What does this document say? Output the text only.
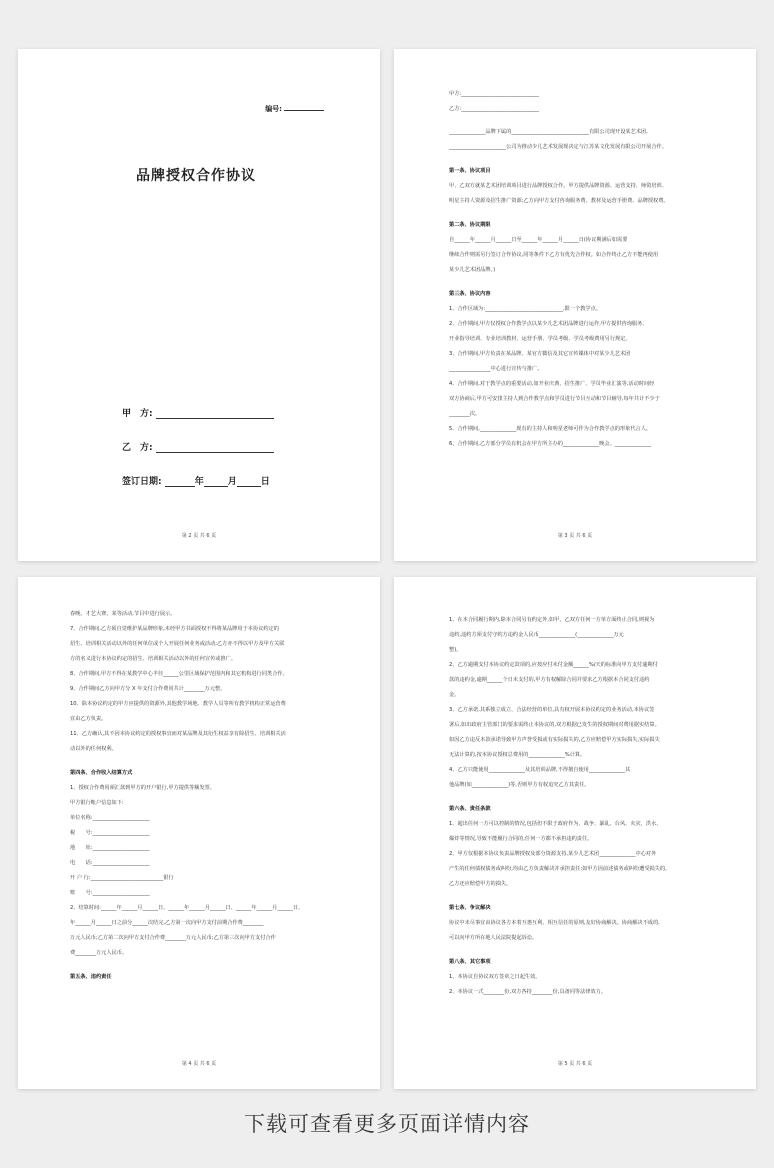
编号:
品牌授权合作协议
甲　方:
乙　方:
签订日期:	年	月	日
第 2 页 共 6 页

甲方:______________________________

乙方:______________________________

______________品牌下属的______________________________有限公司现开设某艺术团,

______________________公司为推动少儿艺术发展现决定与江苏某文化发展有限公司开展合作。

第一条、协议项目

甲、乙双方就某艺术团培训项目进行品牌授权合作。甲方提供品牌资源、运营支持、师资培训、

明星主持人资源及招生推广资源;乙方向甲方支付咨询服务费、教材及运营手册费、品牌授权费。

第二条、协议期限

自______年______月______日至______年______月______日(协议期满后如需要

继续合作则需另行签订合作协议,同等条件下乙方有优先合作权。如合作终止乙方不能再使用

某少儿艺术团品牌。)

第三条、协议内容

1、合作区域为:______________________________,限一个教学点。

2、合作期间,甲方仅授权合作教学点以某少儿艺术团品牌进行运作,甲方提供咨询服务、

开业指导培训、专业培训教材、运营手册、学员考级、学员考级费用另行规定。

3、合作期间,甲方负责在某品牌、某官方微信及其它宣传媒体中对某少儿艺术团

________________中心进行宣传与推广。

4、合作期间,对于教学点的重要活动,如开业庆典、招生推广、学员毕业汇演等,活动时间经

双方协商后,甲方可安排主持人到合作教学点和学员进行节目互动和节目辅导,每年共计不少于

________次。

5、合作期间,______________现有的主持人和明星老师可作为合作教学点的形象代言人。

6、合作期间,乙方部分学员有机会在甲方所主办的______________晚会。______________

第 3 页 共 6 页

春晚、才艺大赛、某等活动,节目中进行展示。

7、合作期间,乙方须自觉维护某品牌形象,未经甲方书面授权不得将某品牌用于本协议约定的

招生、培训相关活动以外的任何单位或个人开展任何业务或活动;乙方亦不得以甲方及甲方关联

方的名义进行本协议约定的招生、培训相关活动以外的任何宣传或推广。

8、合作期间,甲方不得在某教学中心半径______公里区域保护范围内和其它机构进行同类合作。

9、合作期间乙方向甲方分 X 年支付合作费用共计________万元整。

10、除本协议约定的甲方应提供的资源外,其他教学场地、教学人员等所有教学机构正常运营费

宜由乙方负责。

11、乙方确认,其不因本协议约定的授权事宜而对某品牌及其衍生权益享有除招生、培训相关活

动以外的任何权利。

第四条、合作收入结算方式

1、授权合作费用须汇款到甲方的开户银行,甲方提供等额发票。

甲方银行帐户信息如下:

单位名称:______________________

税　　号:______________________

地　　址:______________________

电　　话:______________________

开 户 行:____________________________银行

账　　号:______________________

2、结算时间:______年______月______日、______年______月______日、______年______月______日、

年______月______日之前分______次结完,乙方第一次向甲方支付前期合作费________

万元人民币;乙方第二次向甲方支付合作费________万元人民币;乙方第三次向甲方支付合作

费________万元人民币。

第五条、违约责任

第 4 页 共 6 页

1、在本合同履行期内,除本合同另有约定外,如甲、乙双方任何一方单方面终止合同,则视为

违约,违约方须支付守约方违约金人民币______________(______________万元

整)。

2、乙方逾期支付本协议约定款项的,应按应付未付金额______%/天的标准向甲方支付逾期付

款的违约金,逾期______个日未支付的,甲方有权解除合同并要求乙方根据本合同支付违约

金。

3、乙方承诺,其系独立成立、合法经营的单位,具有权开展本协议约定的业务活动,本协议签

署后,如出政府主管部门的要求需终止本协议的,双方根据已发生的授权期间对费用据实结算。

如因乙方违反本款承诺导致甲方声誉受损或有实际损失的,乙方应赔偿甲方实际损失,实际损失

无法计算的,按本协议授权总费用的______________%计算。

4、乙方只能使用______________及其培训品牌,不得擅自使用______________其

他品牌(如______________)等,否则甲方有权追究乙方其责任。

第六条、责任条款

1、超出任何一方可以控制的情况,包括但不限于政府作为、战争、暴乱、台风、火灾、洪水、

爆炸等情况,导致不能履行合同的,任何一方都不承担违约责任。

2、甲方仅根据本协议负责品牌授权及部分资源支持,某少儿艺术团______________中心对外

产生的任何债权债务或纠纷,均由乙方负责解决并承担责任;如甲方因前述债务或纠纷遭受损失的,

乙方还应赔偿甲方的损失。

第七条、争议解决

协议中未尽事宜由协议各方本着互惠互利、相互信任的原则,友好协商解决。协商解决不成的,

可以向甲方所在地人民法院提起诉讼。

第八条、其它事项

1、本协议自协议双方签章之日起生效。

2、本协议一式________份,双方各持________份,具备同等法律效力。

第 5 页 共 6 页
下载可查看更多页面详情内容
